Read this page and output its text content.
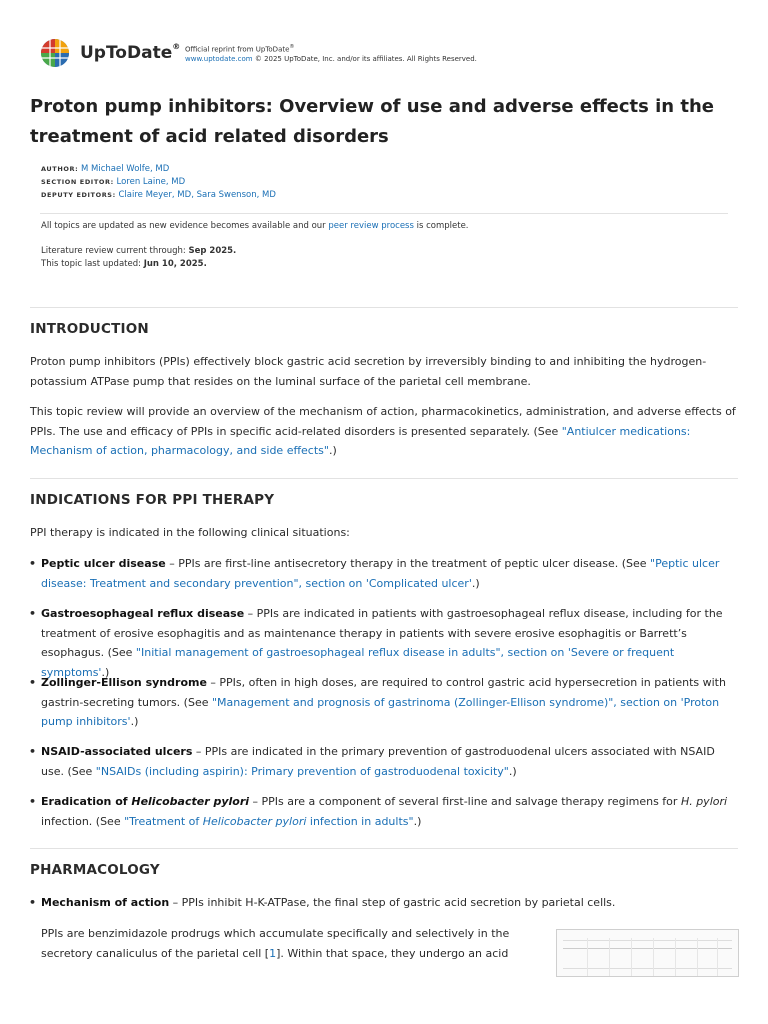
UpToDate® Official reprint from UpToDate®
www.uptodate.com © 2025 UpToDate, Inc. and/or its affiliates. All Rights Reserved.
Proton pump inhibitors: Overview of use and adverse effects in the treatment of acid related disorders
AUTHOR: M Michael Wolfe, MD
SECTION EDITOR: Loren Laine, MD
DEPUTY EDITORS: Claire Meyer, MD, Sara Swenson, MD
All topics are updated as new evidence becomes available and our peer review process is complete.
Literature review current through: Sep 2025.
This topic last updated: Jun 10, 2025.
INTRODUCTION

Proton pump inhibitors (PPIs) effectively block gastric acid secretion by irreversibly binding to and inhibiting the hydrogen-potassium ATPase pump that resides on the luminal surface of the parietal cell membrane.

This topic review will provide an overview of the mechanism of action, pharmacokinetics, administration, and adverse effects of PPIs. The use and efficacy of PPIs in specific acid-related disorders is presented separately. (See "Antiulcer medications: Mechanism of action, pharmacology, and side effects".)

INDICATIONS FOR PPI THERAPY

PPI therapy is indicated in the following clinical situations:

• Peptic ulcer disease – PPIs are first-line antisecretory therapy in the treatment of peptic ulcer disease. (See "Peptic ulcer disease: Treatment and secondary prevention", section on 'Complicated ulcer'.)

• Gastroesophageal reflux disease – PPIs are indicated in patients with gastroesophageal reflux disease, including for the treatment of erosive esophagitis and as maintenance therapy in patients with severe erosive esophagitis or Barrett’s esophagus. (See "Initial management of gastroesophageal reflux disease in adults", section on 'Severe or frequent symptoms'.)

• Zollinger-Ellison syndrome – PPIs, often in high doses, are required to control gastric acid hypersecretion in patients with gastrin-secreting tumors. (See "Management and prognosis of gastrinoma (Zollinger-Ellison syndrome)", section on 'Proton pump inhibitors'.)

• NSAID-associated ulcers – PPIs are indicated in the primary prevention of gastroduodenal ulcers associated with NSAID use. (See "NSAIDs (including aspirin): Primary prevention of gastroduodenal toxicity".)

• Eradication of Helicobacter pylori – PPIs are a component of several first-line and salvage therapy regimens for H. pylori infection. (See "Treatment of Helicobacter pylori infection in adults".)

PHARMACOLOGY

• Mechanism of action – PPIs inhibit H-K-ATPase, the final step of gastric acid secretion by parietal cells.

PPIs are benzimidazole prodrugs which accumulate specifically and selectively in the secretory canaliculus of the parietal cell [1]. Within that space, they undergo an acid
